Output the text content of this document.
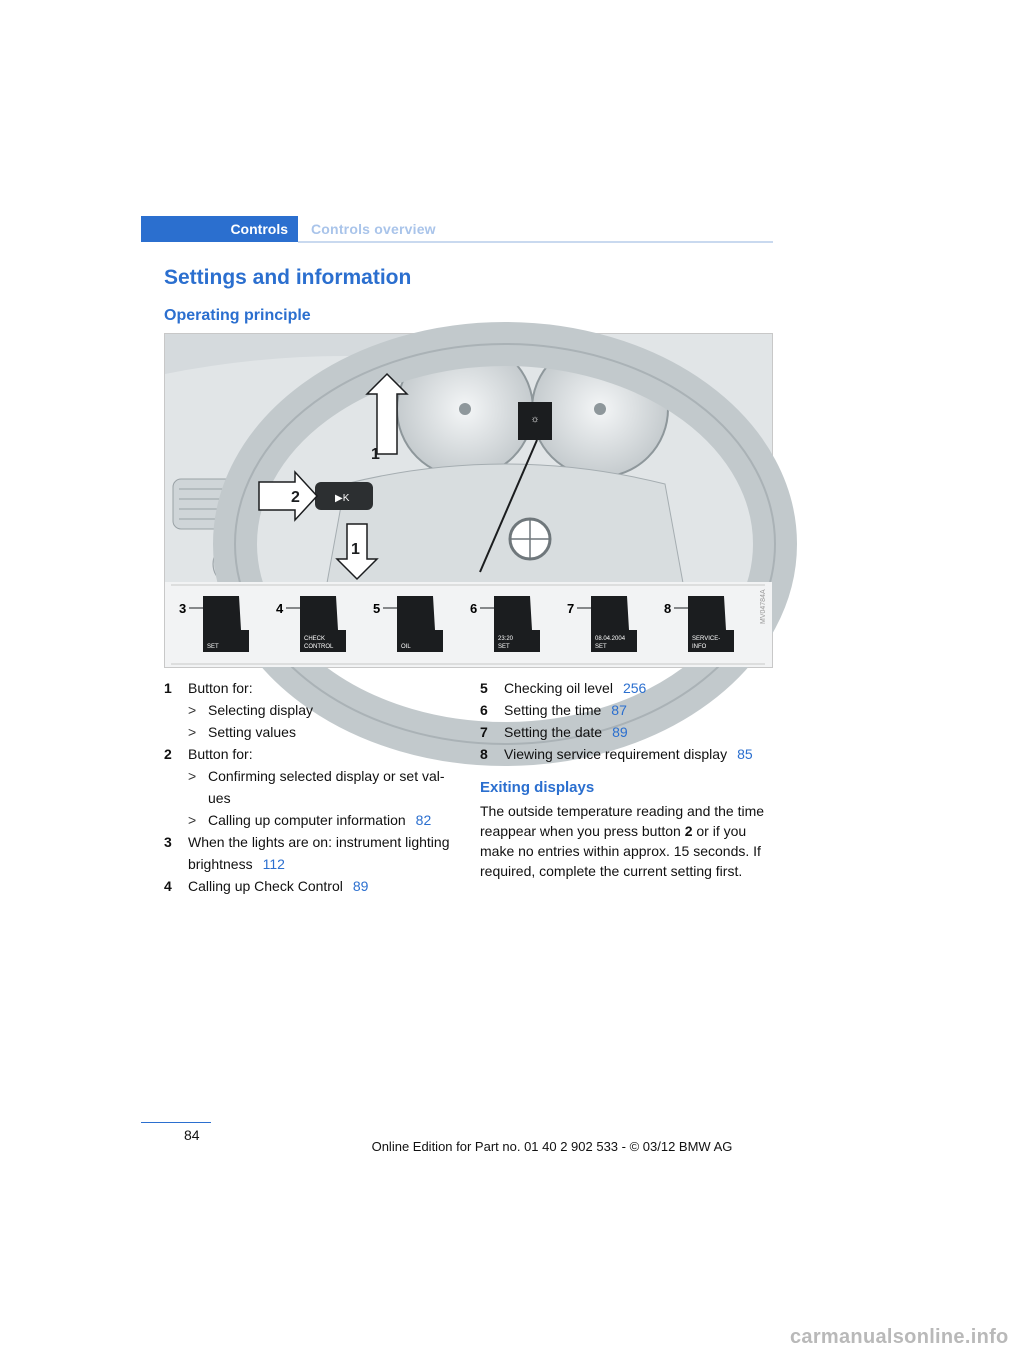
Controls Controls overview
Settings and information
Operating principle
☼
▶K
1
2
1
3
SET
4
CHECK
CONTROL
5
OIL
6
23:20
SET
7
08.04.2004
SET
8
SERVICE-
INFO
MV04784A
1 Button for:
> Selecting display
> Setting values
2 Button for:
> Confirming selected display or set val-ues
> Calling up computer information 82
3 When the lights are on: instrument lighting brightness 112
4 Calling up Check Control 89
5 Checking oil level 256
6 Setting the time 87
7 Setting the date 89
8 Viewing service requirement display 85
Exiting displays
The outside temperature reading and the time reappear when you press button 2 or if you make no entries within approx. 15 seconds. If required, complete the current setting first.
84
Online Edition for Part no. 01 40 2 902 533 - © 03/12 BMW AG
carmanualsonline.info
